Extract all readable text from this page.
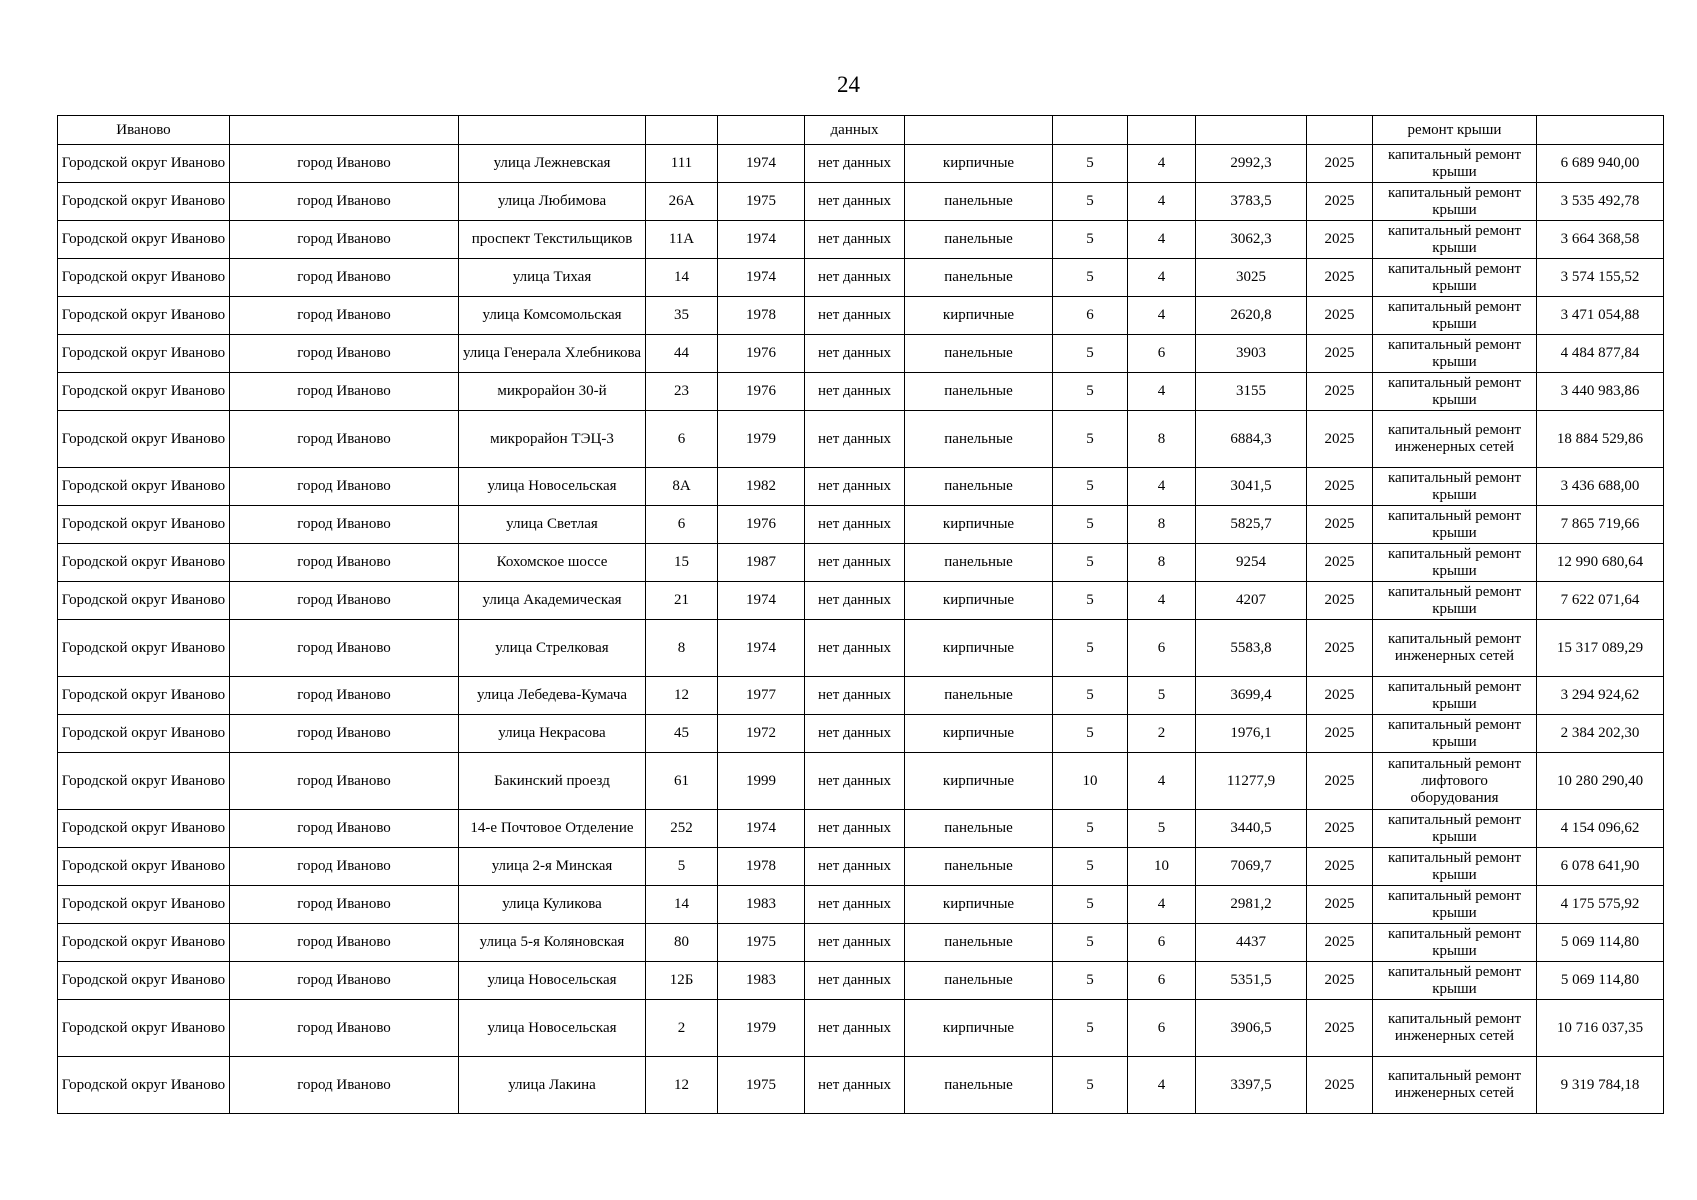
24
Иваново					данных						ремонт крыши	
Городской округ Иваново	город Иваново	улица Лежневская	111	1974	нет данных	кирпичные	5	4	2992,3	2025	капитальный ремонт крыши	6 689 940,00
Городской округ Иваново	город Иваново	улица Любимова	26А	1975	нет данных	панельные	5	4	3783,5	2025	капитальный ремонт крыши	3 535 492,78
Городской округ Иваново	город Иваново	проспект Текстильщиков	11А	1974	нет данных	панельные	5	4	3062,3	2025	капитальный ремонт крыши	3 664 368,58
Городской округ Иваново	город Иваново	улица Тихая	14	1974	нет данных	панельные	5	4	3025	2025	капитальный ремонт крыши	3 574 155,52
Городской округ Иваново	город Иваново	улица Комсомольская	35	1978	нет данных	кирпичные	6	4	2620,8	2025	капитальный ремонт крыши	3 471 054,88
Городской округ Иваново	город Иваново	улица Генерала Хлебникова	44	1976	нет данных	панельные	5	6	3903	2025	капитальный ремонт крыши	4 484 877,84
Городской округ Иваново	город Иваново	микрорайон 30-й	23	1976	нет данных	панельные	5	4	3155	2025	капитальный ремонт крыши	3 440 983,86
Городской округ Иваново	город Иваново	микрорайон ТЭЦ-3	6	1979	нет данных	панельные	5	8	6884,3	2025	капитальный ремонт инженерных сетей	18 884 529,86
Городской округ Иваново	город Иваново	улица Новосельская	8А	1982	нет данных	панельные	5	4	3041,5	2025	капитальный ремонт крыши	3 436 688,00
Городской округ Иваново	город Иваново	улица Светлая	6	1976	нет данных	кирпичные	5	8	5825,7	2025	капитальный ремонт крыши	7 865 719,66
Городской округ Иваново	город Иваново	Кохомское шоссе	15	1987	нет данных	панельные	5	8	9254	2025	капитальный ремонт крыши	12 990 680,64
Городской округ Иваново	город Иваново	улица Академическая	21	1974	нет данных	кирпичные	5	4	4207	2025	капитальный ремонт крыши	7 622 071,64
Городской округ Иваново	город Иваново	улица Стрелковая	8	1974	нет данных	кирпичные	5	6	5583,8	2025	капитальный ремонт инженерных сетей	15 317 089,29
Городской округ Иваново	город Иваново	улица Лебедева-Кумача	12	1977	нет данных	панельные	5	5	3699,4	2025	капитальный ремонт крыши	3 294 924,62
Городской округ Иваново	город Иваново	улица Некрасова	45	1972	нет данных	кирпичные	5	2	1976,1	2025	капитальный ремонт крыши	2 384 202,30
Городской округ Иваново	город Иваново	Бакинский проезд	61	1999	нет данных	кирпичные	10	4	11277,9	2025	капитальный ремонт лифтового оборудования	10 280 290,40
Городской округ Иваново	город Иваново	14-е Почтовое Отделение	252	1974	нет данных	панельные	5	5	3440,5	2025	капитальный ремонт крыши	4 154 096,62
Городской округ Иваново	город Иваново	улица 2-я Минская	5	1978	нет данных	панельные	5	10	7069,7	2025	капитальный ремонт крыши	6 078 641,90
Городской округ Иваново	город Иваново	улица Куликова	14	1983	нет данных	кирпичные	5	4	2981,2	2025	капитальный ремонт крыши	4 175 575,92
Городской округ Иваново	город Иваново	улица 5-я Коляновская	80	1975	нет данных	панельные	5	6	4437	2025	капитальный ремонт крыши	5 069 114,80
Городской округ Иваново	город Иваново	улица Новосельская	12Б	1983	нет данных	панельные	5	6	5351,5	2025	капитальный ремонт крыши	5 069 114,80
Городской округ Иваново	город Иваново	улица Новосельская	2	1979	нет данных	кирпичные	5	6	3906,5	2025	капитальный ремонт инженерных сетей	10 716 037,35
Городской округ Иваново	город Иваново	улица Лакина	12	1975	нет данных	панельные	5	4	3397,5	2025	капитальный ремонт инженерных сетей	9 319 784,18
